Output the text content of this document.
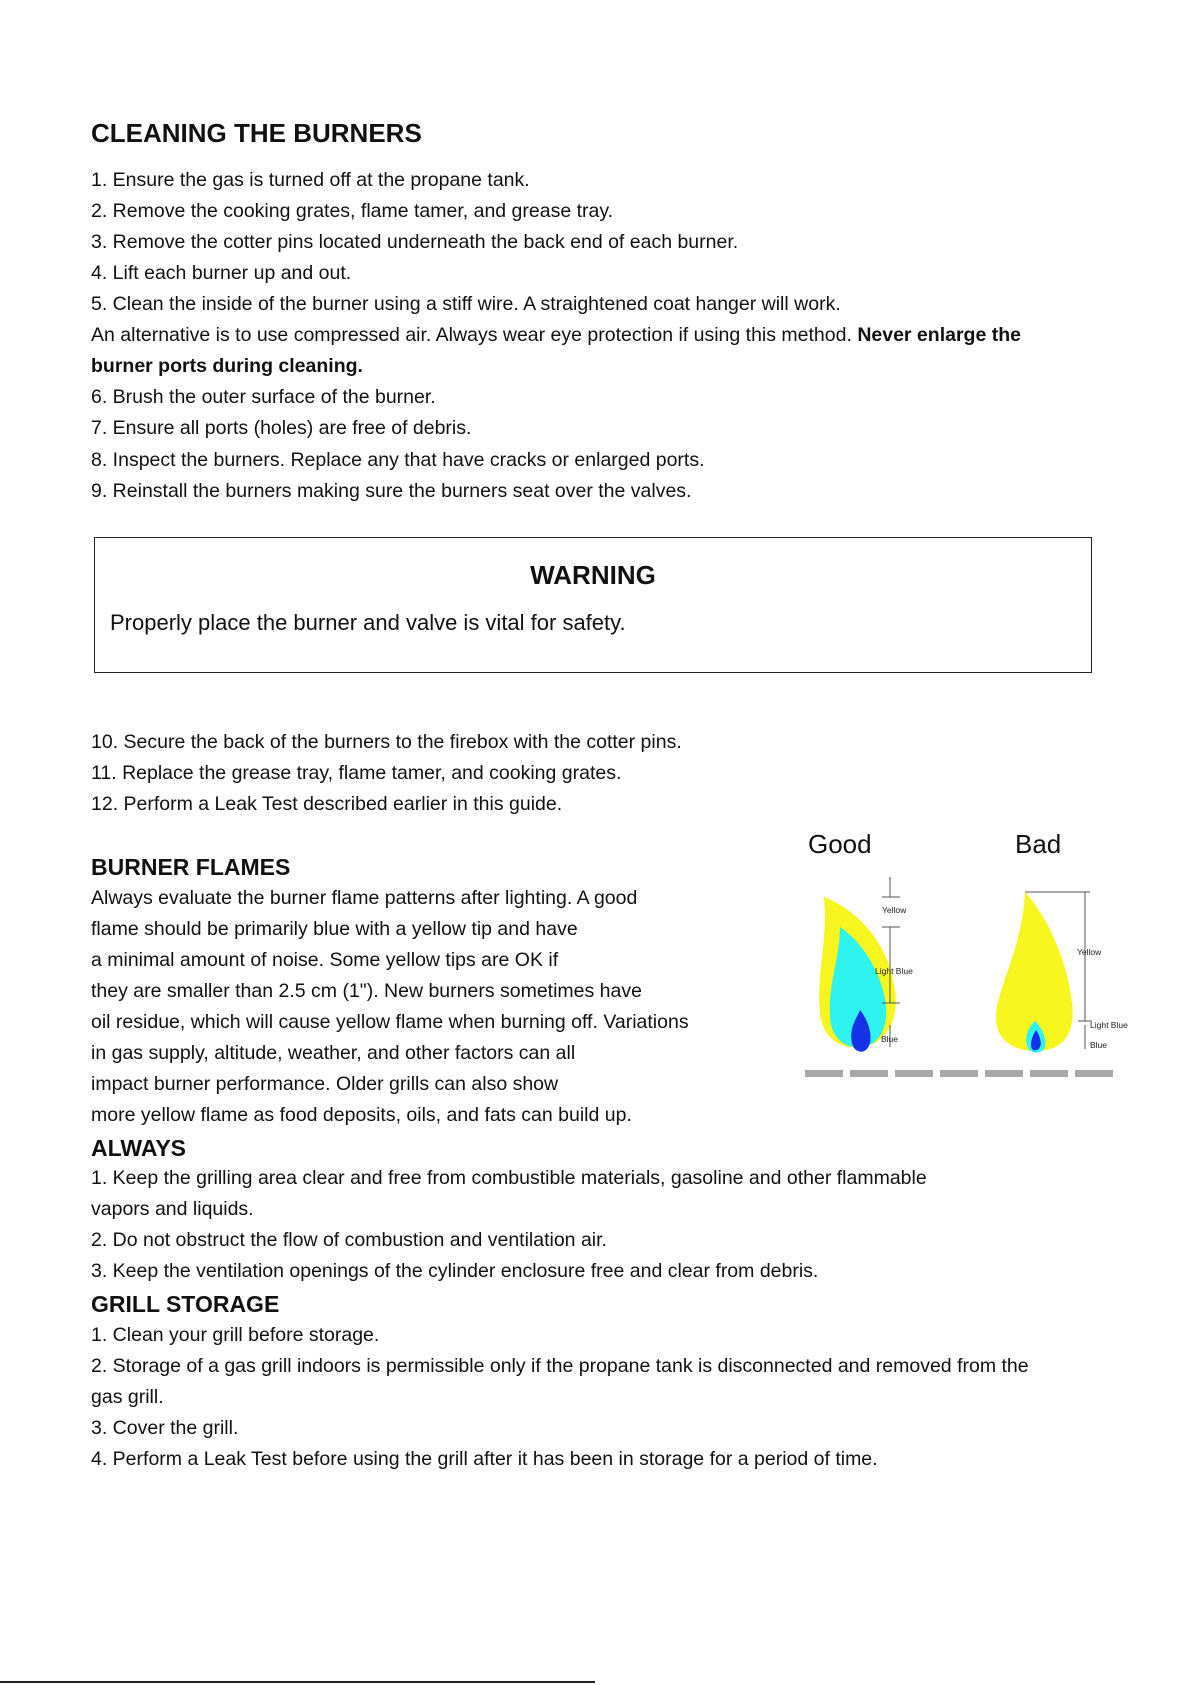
CLEANING THE BURNERS
1. Ensure the gas is turned off at the propane tank.
2. Remove the cooking grates, flame tamer, and grease tray.
3. Remove the cotter pins located underneath the back end of each burner.
4. Lift each burner up and out.
5. Clean the inside of the burner using a stiff wire. A straightened coat hanger will work.
An alternative is to use compressed air. Always wear eye protection if using this method. Never enlarge the
burner ports during cleaning.
6. Brush the outer surface of the burner.
7. Ensure all ports (holes) are free of debris.
8. Inspect the burners. Replace any that have cracks or enlarged ports.
9. Reinstall the burners making sure the burners seat over the valves.
WARNING
Properly place the burner and valve is vital for safety.
10. Secure the back of the burners to the firebox with the cotter pins.
11. Replace the grease tray, flame tamer, and cooking grates.
12. Perform a Leak Test described earlier in this guide.
BURNER FLAMES
Always evaluate the burner flame patterns after lighting. A good
flame should be primarily blue with a yellow tip and have
a minimal amount of noise. Some yellow tips are OK if
they are smaller than 2.5 cm (1"). New burners sometimes have
oil residue, which will cause yellow flame when burning off. Variations
in gas supply, altitude, weather, and other factors can all
impact burner performance. Older grills can also show
more yellow flame as food deposits, oils, and fats can build up.
Good	Bad
Yellow
Light Blue
Blue
Yellow
Light Blue
Blue
ALWAYS
1. Keep the grilling area clear and free from combustible materials, gasoline and other flammable
vapors and liquids.
2. Do not obstruct the flow of combustion and ventilation air.
3. Keep the ventilation openings of the cylinder enclosure free and clear from debris.
GRILL STORAGE
1. Clean your grill before storage.
2. Storage of a gas grill indoors is permissible only if the propane tank is disconnected and removed from the
gas grill.
3. Cover the grill.
4. Perform a Leak Test before using the grill after it has been in storage for a period of time.
